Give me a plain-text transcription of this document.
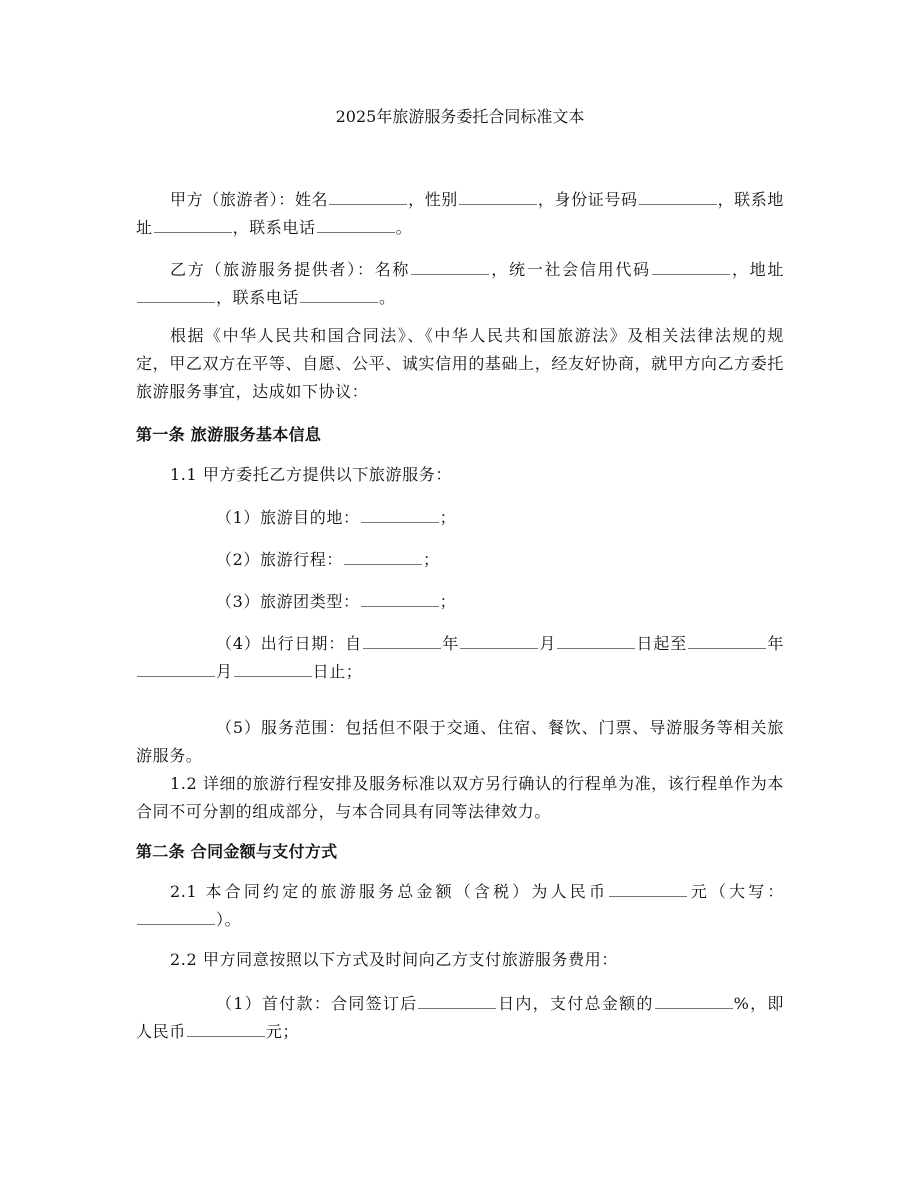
2025年旅游服务委托合同标准文本
甲方（旅游者）：姓名	，性别	，身份证号码	，联系地址	，联系电话	。
乙方（旅游服务提供者）：名称	，统一社会信用代码	，地址，联系电话	。
根据《中华人民共和国合同法》、《中华人民共和国旅游法》及相关法律法规的规定，甲乙双方在平等、自愿、公平、诚实信用的基础上，经友好协商，就甲方向乙方委托旅游服务事宜，达成如下协议：
第一条 旅游服务基本信息
1.1 甲方委托乙方提供以下旅游服务：
（1）旅游目的地：	；
（2）旅游行程：	；
（3）旅游团类型：	；
（4）出行日期：自	年	月	日起至	年月	日止；
（5）服务范围：包括但不限于交通、住宿、餐饮、门票、导游服务等相关旅游服务。
1.2 详细的旅游行程安排及服务标准以双方另行确认的行程单为准，该行程单作为本合同不可分割的组成部分，与本合同具有同等法律效力。
第二条 合同金额与支付方式
2.1 本合同约定的旅游服务总金额（含税）为人民币	元（大写：）。
2.2 甲方同意按照以下方式及时间向乙方支付旅游服务费用：
（1）首付款：合同签订后	日内，支付总金额的	%，即人民币	元；
